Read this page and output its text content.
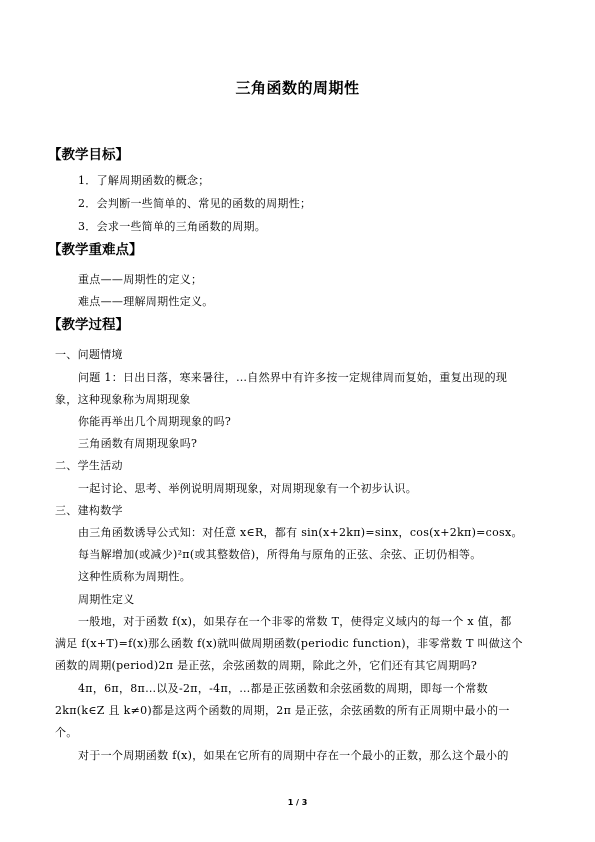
三角函数的周期性
【教学目标】
1．了解周期函数的概念；
2．会判断一些简单的、常见的函数的周期性；
3．会求一些简单的三角函数的周期。
【教学重难点】
重点——周期性的定义；
难点——理解周期性定义。
【教学过程】
一、问题情境
问题 1：日出日落，寒来暑往，…自然界中有许多按一定规律周而复始，重复出现的现
象，这种现象称为周期现象
你能再举出几个周期现象的吗?
三角函数有周期现象吗?
二、学生活动
一起讨论、思考、举例说明周期现象，对周期现象有一个初步认识。
三、建构数学
由三角函数诱导公式知：对任意 x∈R，都有 sin(x+2kπ)=sinx，cos(x+2kπ)=cosx。
每当解增加(或减少)²π(或其整数倍)，所得角与原角的正弦、余弦、正切仍相等。
这种性质称为周期性。
周期性定义
一般地，对于函数 f(x)，如果存在一个非零的常数 T，使得定义域内的每一个 x 值，都
满足 f(x+T)=f(x)那么函数 f(x)就叫做周期函数(periodic function)，非零常数 T 叫做这个
函数的周期(period)2π 是正弦，余弦函数的周期，除此之外，它们还有其它周期吗?
4π，6π，8π…以及-2π，-4π，…都是正弦函数和余弦函数的周期，即每一个常数
2kπ(k∈Z 且 k≠0)都是这两个函数的周期，2π 是正弦，余弦函数的所有正周期中最小的一
个。
对于一个周期函数 f(x)，如果在它所有的周期中存在一个最小的正数，那么这个最小的
1 / 3
